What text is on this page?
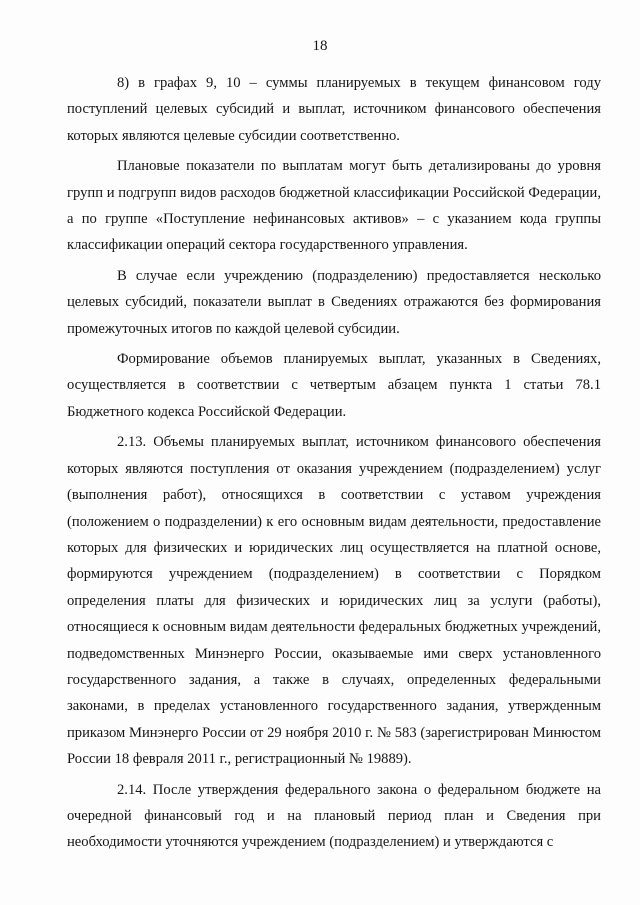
18

8) в графах 9, 10 – суммы планируемых в текущем финансовом году поступлений целевых субсидий и выплат, источником финансового обеспечения которых являются целевые субсидии соответственно.

Плановые показатели по выплатам могут быть детализированы до уровня групп и подгрупп видов расходов бюджетной классификации Российской Федерации, а по группе «Поступление нефинансовых активов» – с указанием кода группы классификации операций сектора государственного управления.

В случае если учреждению (подразделению) предоставляется несколько целевых субсидий, показатели выплат в Сведениях отражаются без формирования промежуточных итогов по каждой целевой субсидии.

Формирование объемов планируемых выплат, указанных в Сведениях, осуществляется в соответствии с четвертым абзацем пункта 1 статьи 78.1 Бюджетного кодекса Российской Федерации.

2.13. Объемы планируемых выплат, источником финансового обеспечения которых являются поступления от оказания учреждением (подразделением) услуг (выполнения работ), относящихся в соответствии с уставом учреждения (положением о подразделении) к его основным видам деятельности, предоставление которых для физических и юридических лиц осуществляется на платной основе, формируются учреждением (подразделением) в соответствии с Порядком определения платы для физических и юридических лиц за услуги (работы), относящиеся к основным видам деятельности федеральных бюджетных учреждений, подведомственных Минэнерго России, оказываемые ими сверх установленного государственного задания, а также в случаях, определенных федеральными законами, в пределах установленного государственного задания, утвержденным приказом Минэнерго России от 29 ноября 2010 г. № 583 (зарегистрирован Минюстом России 18 февраля 2011 г., регистрационный № 19889).

2.14. После утверждения федерального закона о федеральном бюджете на очередной финансовый год и на плановый период план и Сведения при необходимости уточняются учреждением (подразделением) и утверждаются с
